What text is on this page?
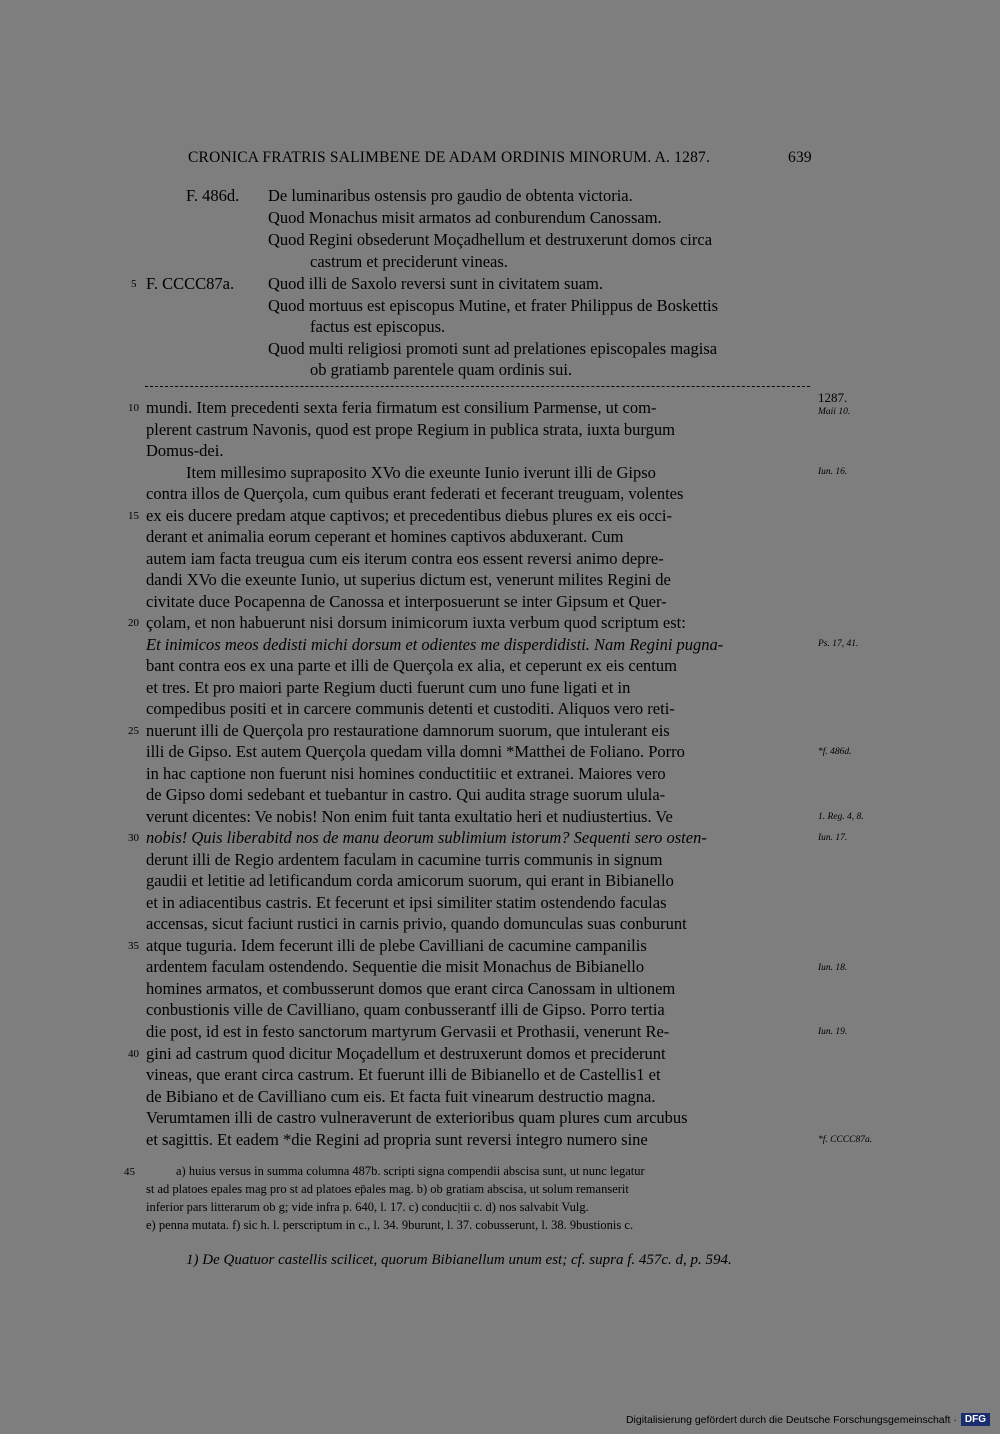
CRONICA FRATRIS SALIMBENE DE ADAM ORDINIS MINORUM. A. 1287.	639
F. 486d. De luminaribus ostensis pro gaudio de obtenta victoria.
Quod Monachus misit armatos ad conburendum Canossam.
Quod Regini obsederunt Moçadhellum et destruxerunt domos circa
castrum et preciderunt vineas.
5 F. CCCC87a. Quod illi de Saxolo reversi sunt in civitatem suam.
Quod mortuus est episcopus Mutine, et frater Philippus de Boskettis
factus est episcopus.
Quod multi religiosi promoti sunt ad prelationes episcopales magisa
ob gratiamb parentele quam ordinis sui.
1287.
Maii 10.
Iun. 16.
Ps. 17, 41.
*f. 486d.
1. Reg. 4, 8.
Iun. 17.
Iun. 18.
Iun. 19.
*f. CCCC87a.
10
15
20
25
30
35
40
45
mundi. Item precedenti sexta feria firmatum est consilium Parmense, ut com-
plerent castrum Navonis, quod est prope Regium in publica strata, iuxta burgum
Domus-dei.
Item millesimo supraposito XVo die exeunte Iunio iverunt illi de Gipso
contra illos de Querçola, cum quibus erant federati et fecerant treuguam, volentes
ex eis ducere predam atque captivos; et precedentibus diebus plures ex eis occi-
derant et animalia eorum ceperant et homines captivos abduxerant. Cum
autem iam facta treugua cum eis iterum contra eos essent reversi animo depre-
dandi XVo die exeunte Iunio, ut superius dictum est, venerunt milites Regini de
civitate duce Pocapenna de Canossa et interposuerunt se inter Gipsum et Quer-
çolam, et non habuerunt nisi dorsum inimicorum iuxta verbum quod scriptum est:
Et inimicos meos dedisti michi dorsum et odientes me disperdidisti. Nam Regini pugna-
bant contra eos ex una parte et illi de Querçola ex alia, et ceperunt ex eis centum
et tres. Et pro maiori parte Regium ducti fuerunt cum uno fune ligati et in
compedibus positi et in carcere communis detenti et custoditi. Aliquos vero reti-
nuerunt illi de Querçola pro restauratione damnorum suorum, que intulerant eis
illi de Gipso. Est autem Querçola quedam villa domni *Matthei de Foliano. Porro
in hac captione non fuerunt nisi homines conductitiic et extranei. Maiores vero
de Gipso domi sedebant et tuebantur in castro. Qui audita strage suorum ulula-
verunt dicentes: Ve nobis! Non enim fuit tanta exultatio heri et nudiustertius. Ve
nobis! Quis liberabitd nos de manu deorum sublimium istorum? Sequenti sero osten-
derunt illi de Regio ardentem faculam in cacumine turris communis in signum
gaudii et letitie ad letificandum corda amicorum suorum, qui erant in Bibianello
et in adiacentibus castris. Et fecerunt et ipsi similiter statim ostendendo faculas
accensas, sicut faciunt rustici in carnis privio, quando domunculas suas conburunt
atque tuguria. Idem fecerunt illi de plebe Cavilliani de cacumine campanilis
ardentem faculam ostendendo. Sequentie die misit Monachus de Bibianello
homines armatos, et combusserunt domos que erant circa Canossam in ultionem
conbustionis ville de Cavilliano, quam conbusserantf illi de Gipso. Porro tertia
die post, id est in festo sanctorum martyrum Gervasii et Prothasii, venerunt Re-
gini ad castrum quod dicitur Moçadellum et destruxerunt domos et preciderunt
vineas, que erant circa castrum. Et fuerunt illi de Bibianello et de Castellis1 et
de Bibiano et de Cavilliano cum eis. Et facta fuit vinearum destructio magna.
Verumtamen illi de castro vulneraverunt de exterioribus quam plures cum arcubus
et sagittis. Et eadem *die Regini ad propria sunt reversi integro numero sine
a) huius versus in summa columna 487b. scripti signa compendii abscisa sunt, ut nunc legatur
st ad platoes epales mag pro st ad platoes ep̄ales mag. b) ob gratiam abscisa, ut solum remanserit
inferior pars litterarum ob g; vide infra p. 640, l. 17. c) conduc|tii c. d) nos salvabit Vulg.
e) penna mutata. f) sic h. l. perscriptum in c., l. 34. 9burunt, l. 37. cobusserunt, l. 38. 9bustionis c.
1) De Quatuor castellis scilicet, quorum Bibianellum unum est; cf. supra f. 457c. d, p. 594.
Digitalisierung gefördert durch die Deutsche Forschungsgemeinschaft · DFG
